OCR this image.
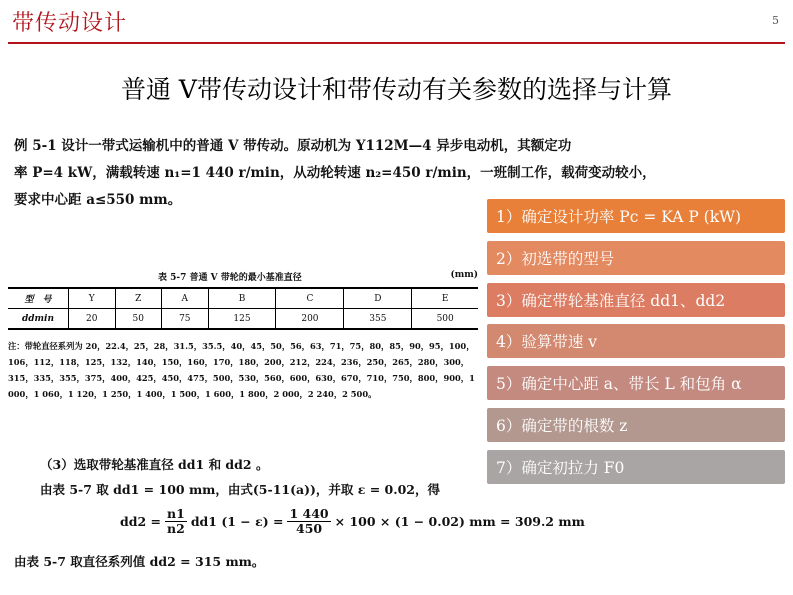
带传动设计	5
普通 V带传动设计和带传动有关参数的选择与计算
例 5-1 设计一带式运输机中的普通 V 带传动。原动机为 Y112M—4 异步电动机，其额定功
率 P=4 kW，满载转速 n₁=1 440 r/min，从动轮转速 n₂=450 r/min，一班制工作，载荷变动较小，
要求中心距 a≤550 mm。
表 5-7 普通 V 带轮的最小基准直径	(mm)
型　号	Y	Z	A	B	C	D	E
ddmin	20	50	75	125	200	355	500
注：带轮直径系列为 20，22.4，25，28，31.5，35.5，40，45，50，56，63，71，75，80，85，90，95，100，106，112，118，125，132，140，150，160，170，180，200，212，224，236，250，265，280，300，315，335，355，375，400，425，450，475，500，530，560，600，630，670，710，750，800，900，1 000，1 060，1 120，1 250，1 400，1 500，1 600，1 800，2 000，2 240，2 500。
（3）选取带轮基准直径 dd1 和 dd2 。
由表 5-7 取 dd1 = 100 mm，由式(5-11(a))，并取 ε = 0.02，得
$dd2 = \frac{n1}{n2} dd1$ $(1 - \varepsilon) = \frac{1 440}{450} \times 100 \times (1 - 0.02)$ mm = 309.2 mm
由表 5-7 取直径系列值 dd2 = 315 mm。
1）确定设计功率 Pc = KA P (kW)
2）初选带的型号
3）确定带轮基准直径 dd1、dd2
4）验算带速 v
5）确定中心距 a、带长 L 和包角 α
6）确定带的根数 z
7）确定初拉力 F0
